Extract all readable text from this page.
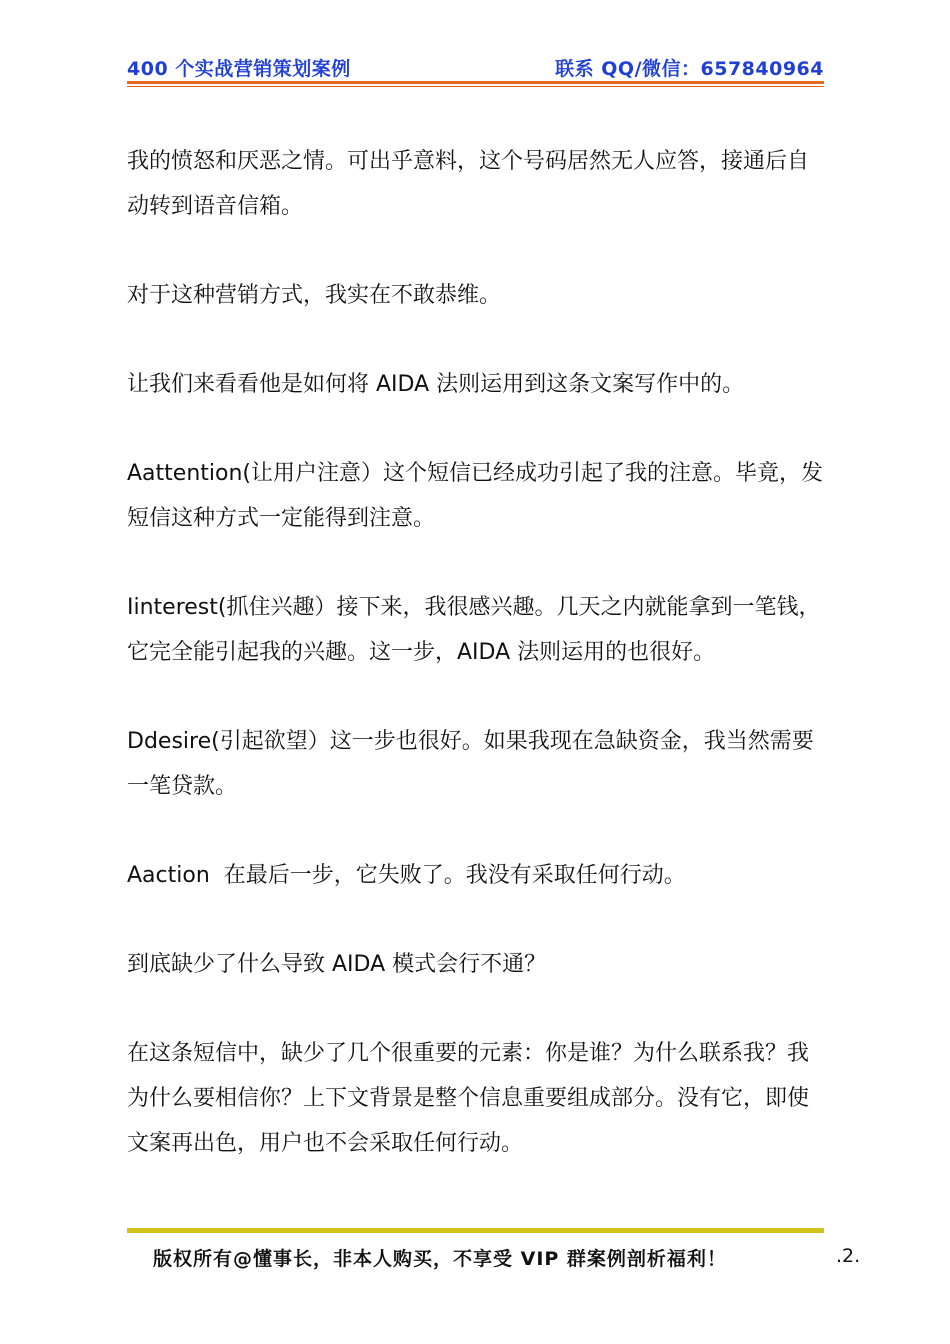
400 个实战营销策划案例	联系 QQ/微信：657840964

我的愤怒和厌恶之情。可出乎意料，这个号码居然无人应答，接通后自动转到语音信箱。

对于这种营销方式，我实在不敢恭维。

让我们来看看他是如何将 AIDA 法则运用到这条文案写作中的。

Aattention(让用户注意）这个短信已经成功引起了我的注意。毕竟，发短信这种方式一定能得到注意。

Iinterest(抓住兴趣）接下来，我很感兴趣。几天之内就能拿到一笔钱，它完全能引起我的兴趣。这一步，AIDA 法则运用的也很好。

Ddesire(引起欲望）这一步也很好。如果我现在急缺资金，我当然需要一笔贷款。

Aaction  在最后一步，它失败了。我没有采取任何行动。

到底缺少了什么导致 AIDA 模式会行不通？

在这条短信中，缺少了几个很重要的元素：你是谁？为什么联系我？我为什么要相信你？上下文背景是整个信息重要组成部分。没有它，即使文案再出色，用户也不会采取任何行动。

版权所有@懂事长，非本人购买，不享受 VIP 群案例剖析福利！	.2.
